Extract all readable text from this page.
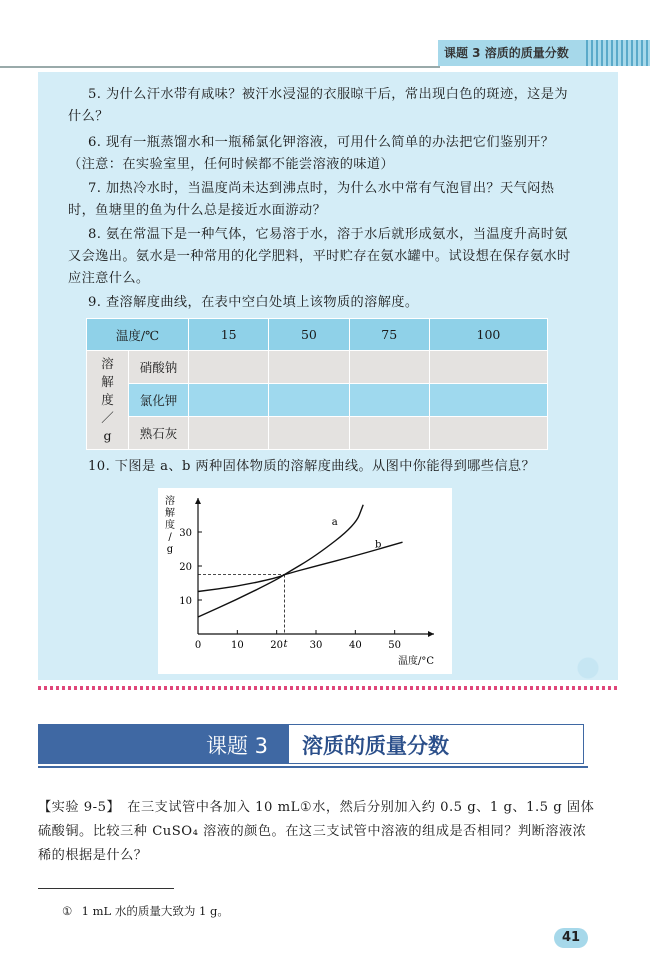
课题 3 溶质的质量分数

5. 为什么汗水带有咸味？被汗水浸湿的衣服晾干后，常出现白色的斑迹，这是为什么？

6. 现有一瓶蒸馏水和一瓶稀氯化钾溶液，可用什么简单的办法把它们鉴别开？（注意：在实验室里，任何时候都不能尝溶液的味道）

7. 加热冷水时，当温度尚未达到沸点时，为什么水中常有气泡冒出？天气闷热时，鱼塘里的鱼为什么总是接近水面游动？

8. 氨在常温下是一种气体，它易溶于水，溶于水后就形成氨水，当温度升高时氨又会逸出。氨水是一种常用的化学肥料，平时贮存在氨水罐中。试设想在保存氨水时应注意什么。

9. 查溶解度曲线，在表中空白处填上该物质的溶解度。

温度/℃		15	50	75	100

溶
解
度
／
g	硝酸钠				
	氯化钾				
	熟石灰				

10. 下图是 a、b 两种固体物质的溶解度曲线。从图中你能得到哪些信息？

0	10	20	30	40	50
10
20
30
t
a
b
溶
解
度
/
g
温度/°C
课题 3 溶质的质量分数

【实验 9-5】　在三支试管中各加入 10 mL①水，然后分别加入约 0.5 g、1 g、1.5 g 固体硫酸铜。比较三种 CuSO₄ 溶液的颜色。在这三支试管中溶液的组成是否相同？判断溶液浓稀的根据是什么？

① 1 mL 水的质量大致为 1 g。
41
